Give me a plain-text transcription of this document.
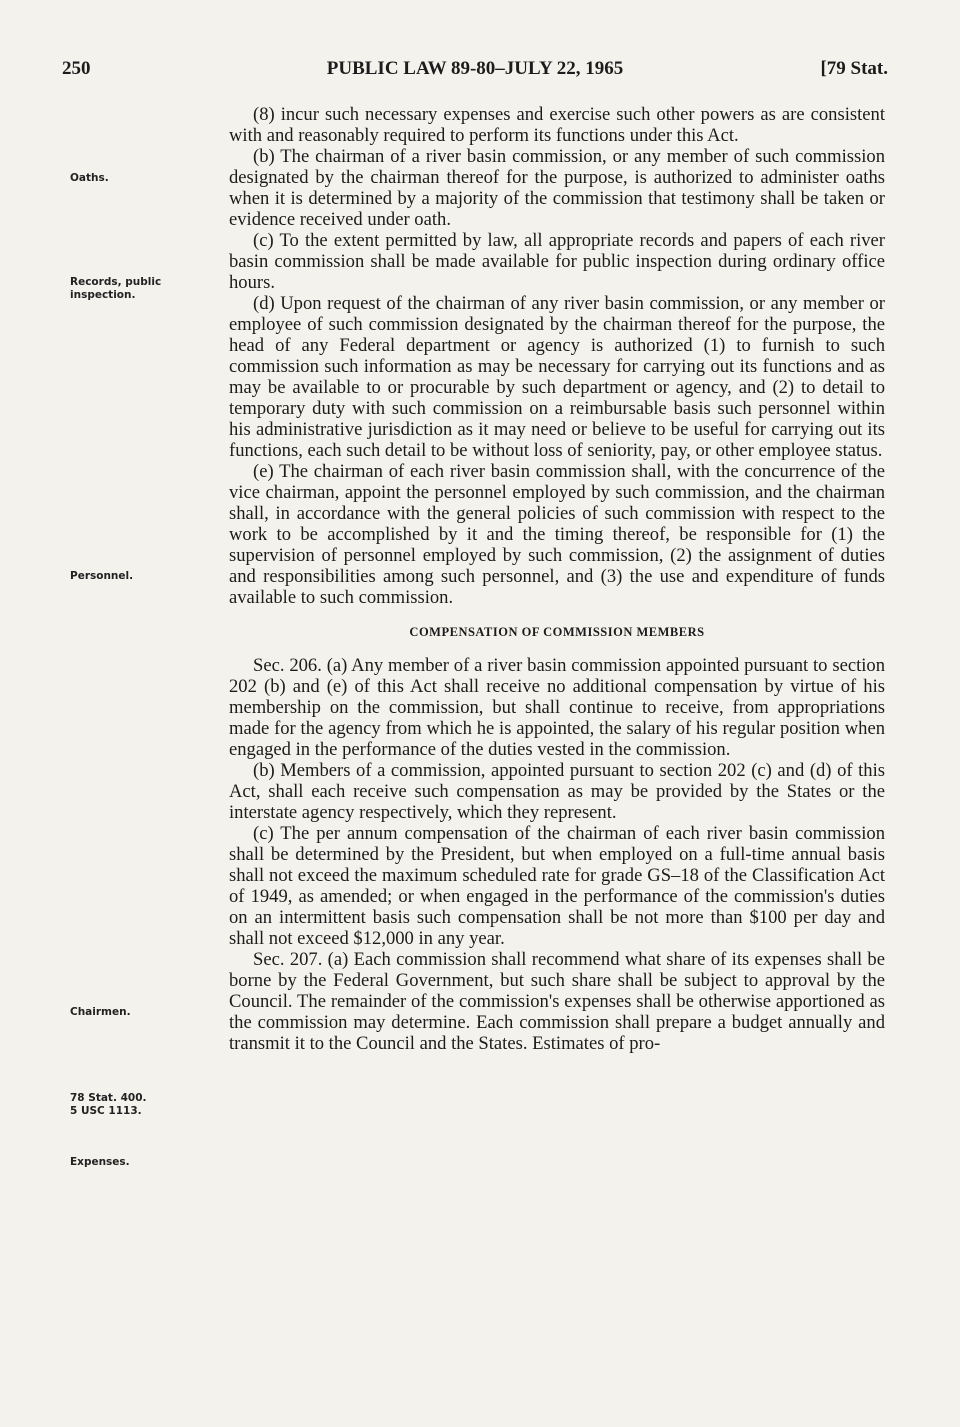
250	PUBLIC LAW 89-80–JULY 22, 1965	[79 Stat.
Oaths.
Records, public
inspection.
Personnel.
Chairmen.
78 Stat. 400.
5 USC 1113.
Expenses.

(8) incur such necessary expenses and exercise such other powers as are consistent with and reasonably required to perform its functions under this Act.

(b) The chairman of a river basin commission, or any member of such commission designated by the chairman thereof for the purpose, is authorized to administer oaths when it is determined by a majority of the commission that testimony shall be taken or evidence received under oath.

(c) To the extent permitted by law, all appropriate records and papers of each river basin commission shall be made available for public inspection during ordinary office hours.

(d) Upon request of the chairman of any river basin commission, or any member or employee of such commission designated by the chairman thereof for the purpose, the head of any Federal department or agency is authorized (1) to furnish to such commission such information as may be necessary for carrying out its functions and as may be available to or procurable by such department or agency, and (2) to detail to temporary duty with such commission on a reimbursable basis such personnel within his administrative jurisdiction as it may need or believe to be useful for carrying out its functions, each such detail to be without loss of seniority, pay, or other employee status.

(e) The chairman of each river basin commission shall, with the concurrence of the vice chairman, appoint the personnel employed by such commission, and the chairman shall, in accordance with the general policies of such commission with respect to the work to be accomplished by it and the timing thereof, be responsible for (1) the supervision of personnel employed by such commission, (2) the assignment of duties and responsibilities among such personnel, and (3) the use and expenditure of funds available to such commission.

COMPENSATION OF COMMISSION MEMBERS

Sec. 206. (a) Any member of a river basin commission appointed pursuant to section 202 (b) and (e) of this Act shall receive no additional compensation by virtue of his membership on the commission, but shall continue to receive, from appropriations made for the agency from which he is appointed, the salary of his regular position when engaged in the performance of the duties vested in the commission.

(b) Members of a commission, appointed pursuant to section 202 (c) and (d) of this Act, shall each receive such compensation as may be provided by the States or the interstate agency respectively, which they represent.

(c) The per annum compensation of the chairman of each river basin commission shall be determined by the President, but when employed on a full-time annual basis shall not exceed the maximum scheduled rate for grade GS–18 of the Classification Act of 1949, as amended; or when engaged in the performance of the commission's duties on an intermittent basis such compensation shall be not more than $100 per day and shall not exceed $12,000 in any year.

Sec. 207. (a) Each commission shall recommend what share of its expenses shall be borne by the Federal Government, but such share shall be subject to approval by the Council. The remainder of the commission's expenses shall be otherwise apportioned as the commission may determine. Each commission shall prepare a budget annually and transmit it to the Council and the States. Estimates of pro-
